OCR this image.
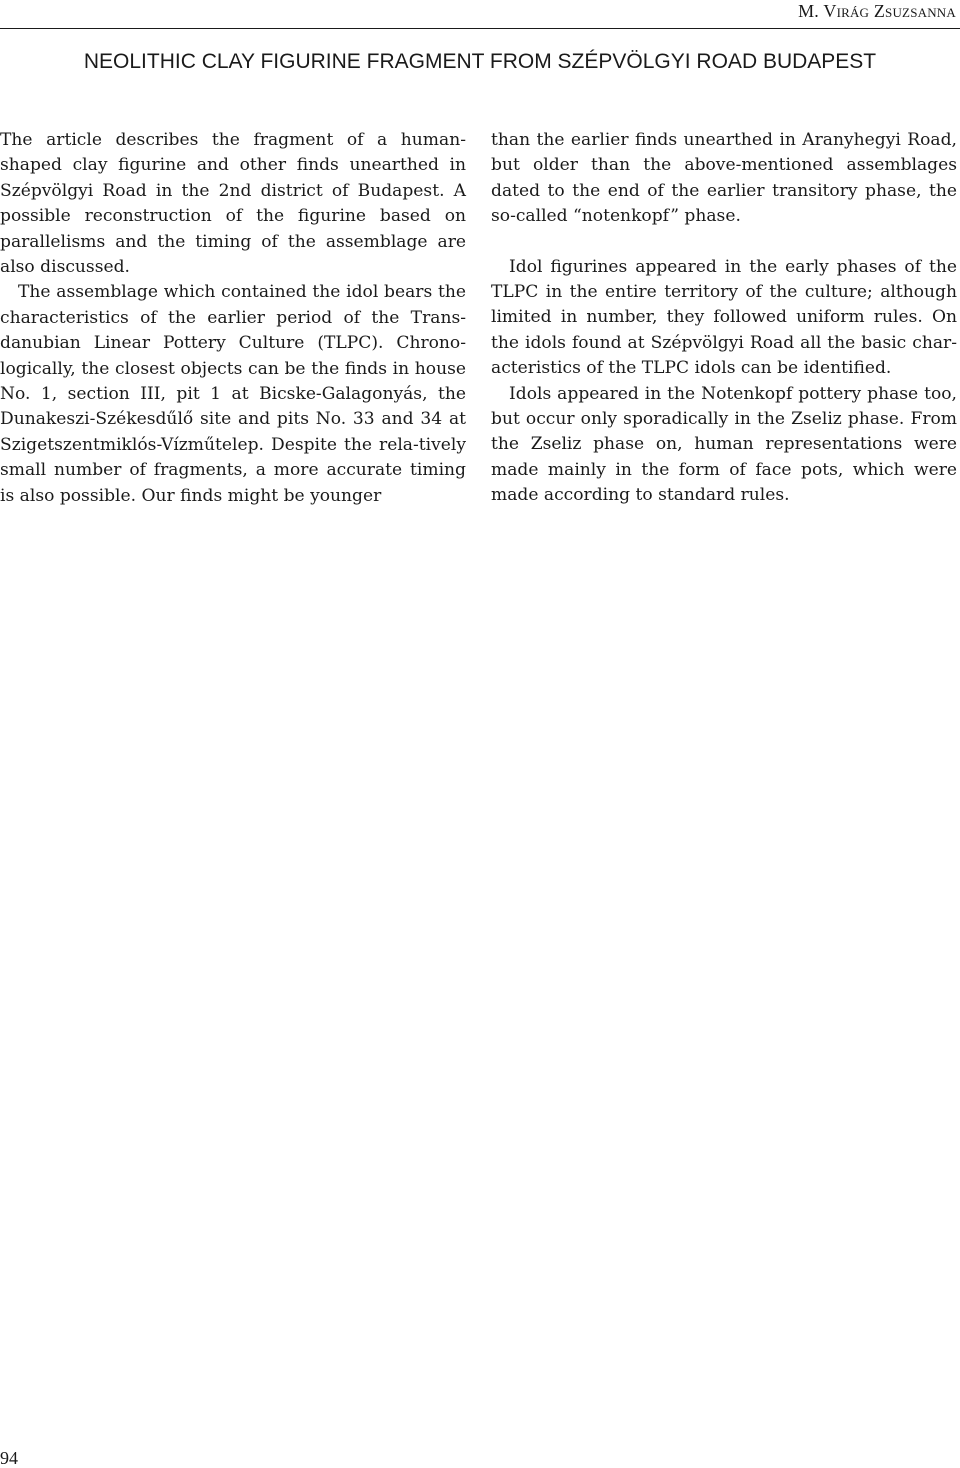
M. Virág Zsuzsanna
NEOLITHIC CLAY FIGURINE FRAGMENT FROM SZÉPVÖLGYI ROAD BUDAPEST

The article describes the fragment of a human-shaped clay figurine and other finds unearthed in Szépvölgyi Road in the 2nd district of Budapest. A possible reconstruction of the figurine based on parallelisms and the timing of the assemblage are also discussed.

The assemblage which contained the idol bears the characteristics of the earlier period of the Trans-danubian Linear Pottery Culture (TLPC). Chrono-logically, the closest objects can be the finds in house No. 1, section III, pit 1 at Bicske-Galagonyás, the Dunakeszi-Székesdűlő site and pits No. 33 and 34 at Szigetszentmiklós-Vízműtelep. Despite the rela-tively small number of fragments, a more accurate timing is also possible. Our finds might be younger

than the earlier finds unearthed in Aranyhegyi Road, but older than the above-mentioned assemblages dated to the end of the earlier transitory phase, the so-called “notenkopf” phase.

Idol figurines appeared in the early phases of the TLPC in the entire territory of the culture; although limited in number, they followed uniform rules. On the idols found at Szépvölgyi Road all the basic char-acteristics of the TLPC idols can be identified.

Idols appeared in the Notenkopf pottery phase too, but occur only sporadically in the Zseliz phase. From the Zseliz phase on, human representations were made mainly in the form of face pots, which were made according to standard rules.

94
